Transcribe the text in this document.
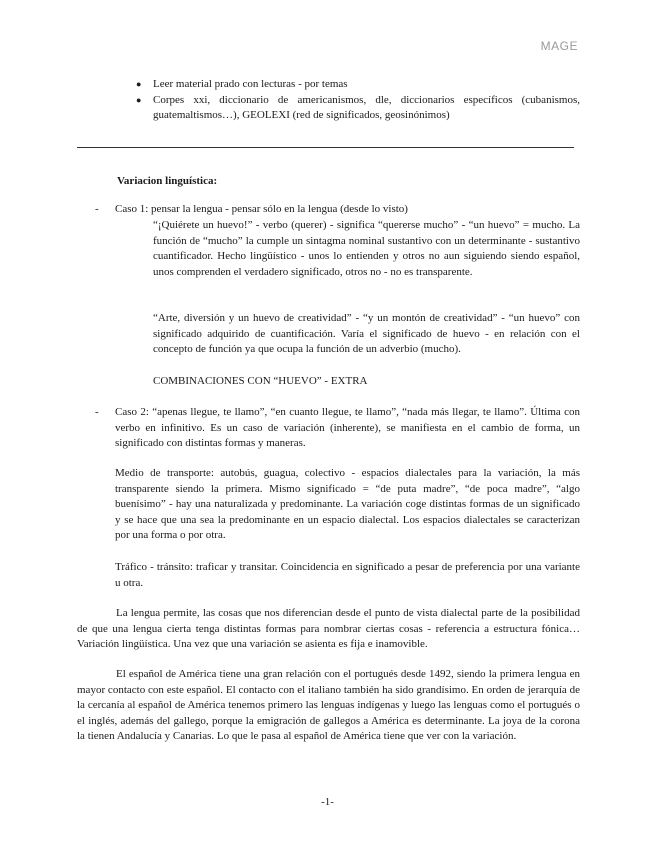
MAGE
● Leer material prado con lecturas - por temas
● Corpes xxi, diccionario de americanismos, dle, diccionarios específicos (cubanismos, guatemaltismos…), GEOLEXI (red de significados, geosinónimos)
Variacion linguística:
- Caso 1: pensar la lengua - pensar sólo en la lengua (desde lo visto)
“¡Quiérete un huevo!” - verbo (querer) - significa “quererse mucho” - “un huevo” = mucho. La función de “mucho” la cumple un sintagma nominal sustantivo con un determinante - sustantivo cuantificador. Hecho lingüístico - unos lo entienden y otros no aun siguiendo siendo español, unos comprenden el verdadero significado, otros no - no es transparente.
“Arte, diversión y un huevo de creatividad” - “y un montón de creatividad” - “un huevo” con significado adquirido de cuantificación. Varía el significado de huevo - en relación con el concepto de función ya que ocupa la función de un adverbio (mucho).
COMBINACIONES CON “HUEVO” - EXTRA
- Caso 2: “apenas llegue, te llamo”, “en cuanto llegue, te llamo”, “nada más llegar, te llamo”. Última con verbo en infinitivo. Es un caso de variación (inherente), se manifiesta en el cambio de forma, un significado con distintas formas y maneras.
Medio de transporte: autobús, guagua, colectivo - espacios dialectales para la variación, la más transparente siendo la primera. Mismo significado = “de puta madre”, “de poca madre”, “algo buenísimo” - hay una naturalizada y predominante. La variación coge distintas formas de un significado y se hace que una sea la predominante en un espacio dialectal. Los espacios dialectales se caracterizan por una forma o por otra.
Tráfico - tránsito: traficar y transitar. Coincidencia en significado a pesar de preferencia por una variante u otra.
La lengua permite, las cosas que nos diferencian desde el punto de vista dialectal parte de la posibilidad de que una lengua cierta tenga distintas formas para nombrar ciertas cosas - referencia a estructura fónica… Variación lingüística. Una vez que una variación se asienta es fija e inamovible.
El español de América tiene una gran relación con el portugués desde 1492, siendo la primera lengua en mayor contacto con este español. El contacto con el italiano también ha sido grandísimo. En orden de jerarquía de la cercanía al español de América tenemos primero las lenguas indígenas y luego las lenguas como el portugués o el inglés, además del gallego, porque la emigración de gallegos a América es determinante. La joya de la corona la tienen Andalucía y Canarias. Lo que le pasa al español de América tiene que ver con la variación.
-1-
